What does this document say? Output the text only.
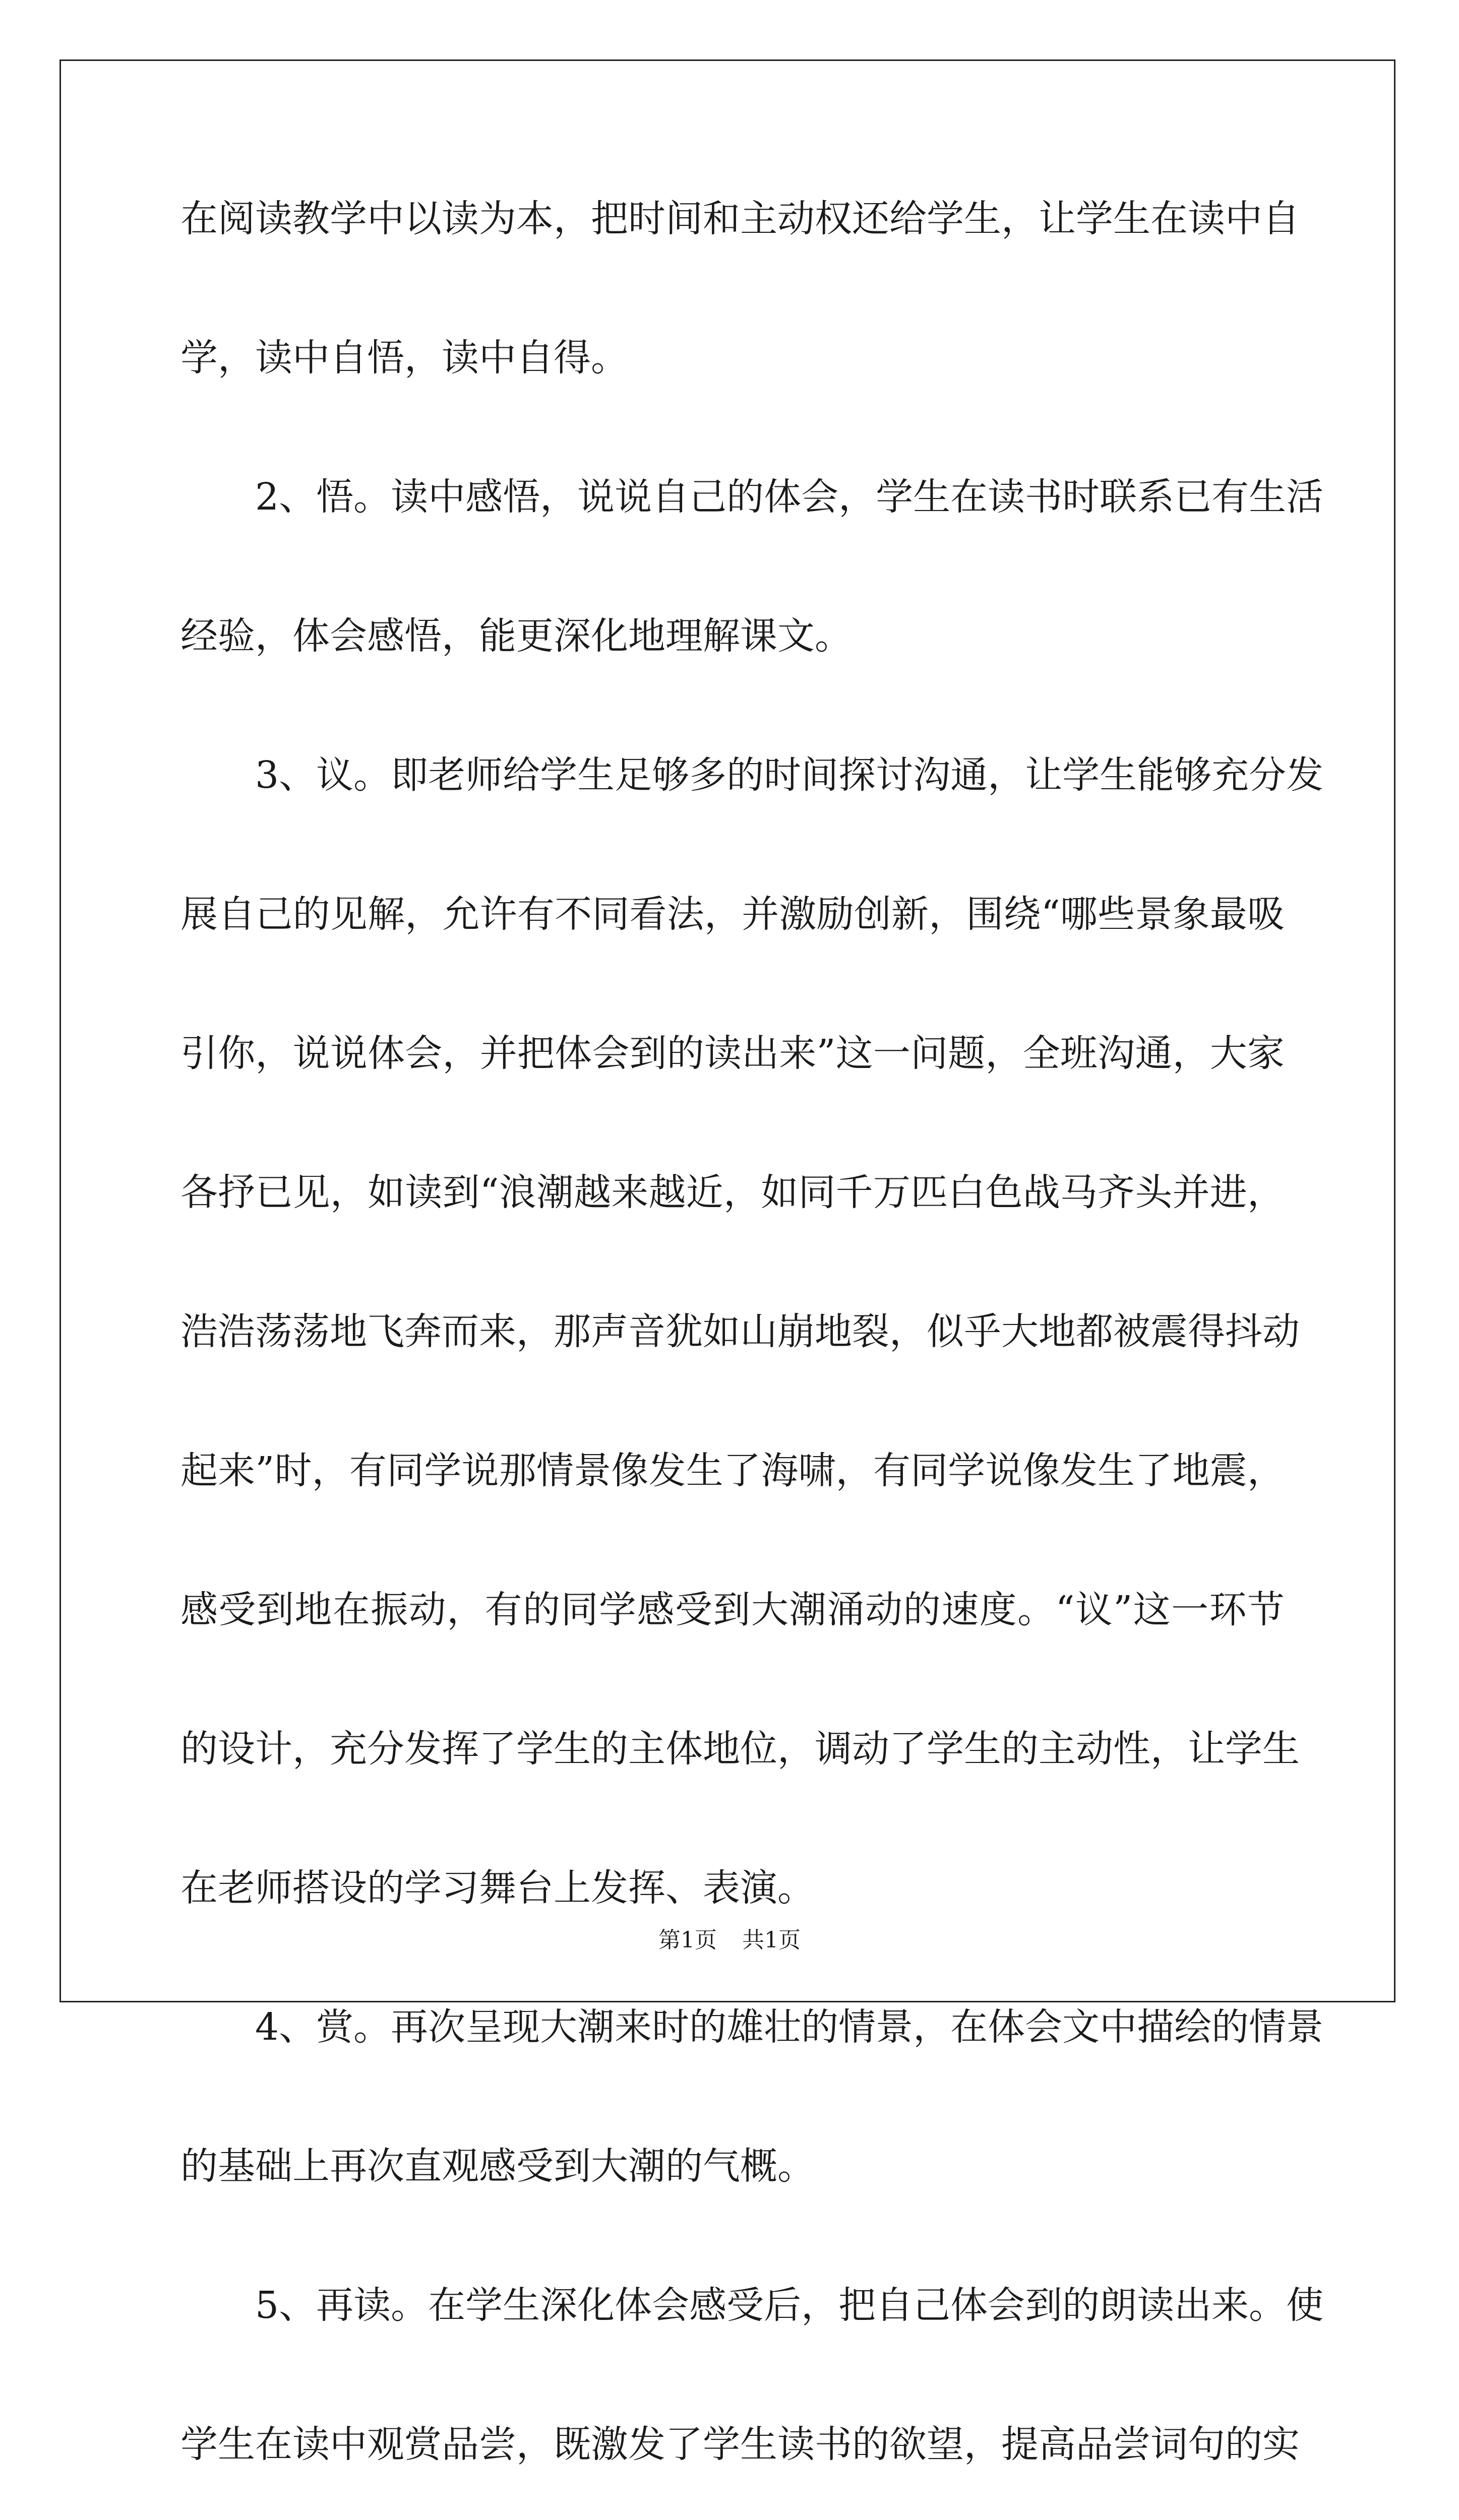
在阅读教学中以读为本，把时间和主动权还给学生，让学生在读中自
学，读中自悟，读中自得。
2、悟。读中感悟，说说自己的体会，学生在读书时联系已有生活
经验，体会感悟，能更深化地理解课文。
3、议。即老师给学生足够多的时间探讨沟通，让学生能够充分发
展自己的见解，允许有不同看法，并激励创新，围绕“哪些景象最吸
引你，说说体会，并把体会到的读出来”这一问题，全班沟通，大家
各抒已见，如读到“浪潮越来越近，如同千万匹白色战马齐头并进，
浩浩荡荡地飞奔而来，那声音犹如山崩地裂，似乎大地都被震得抖动
起来”时，有同学说那情景像发生了海啸，有同学说像发生了地震，
感受到地在振动，有的同学感受到大潮涌动的速度。“议”这一环节
的设计，充分发挥了学生的主体地位，调动了学生的主动性，让学生
在老师搭设的学习舞台上发挥、表演。
4、赏。再次呈现大潮来时的雄壮的情景，在体会文中描绘的情景
的基础上再次直观感受到大潮的气概。
5、再读。在学生深化体会感受后，把自己体会到的朗读出来。使
学生在读中观赏品尝，既激发了学生读书的欲望，提高品尝词句的实
第1页 共1页
